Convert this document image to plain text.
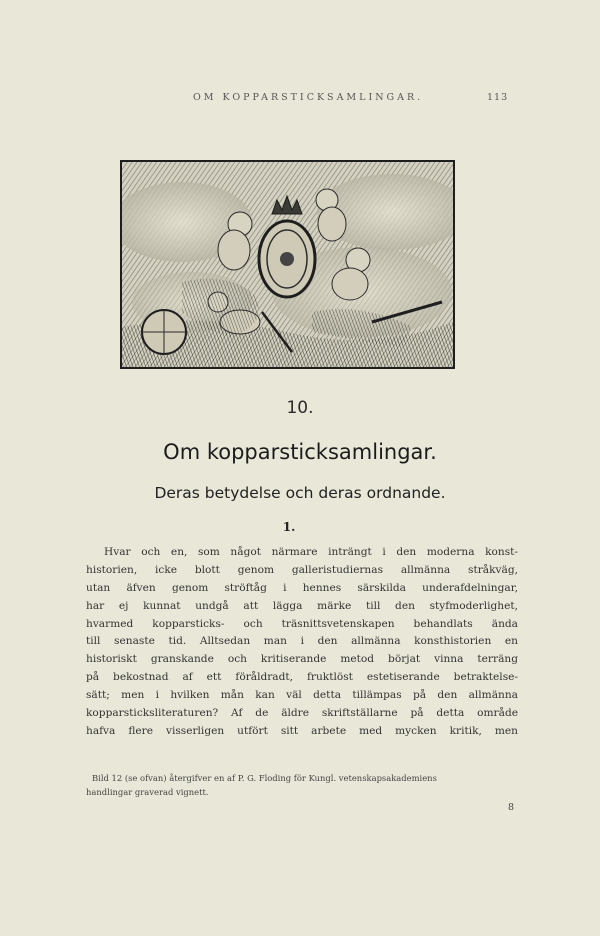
OM KOPPARSTICKSAMLINGAR.	113
10.
Om kopparsticksamlingar.
Deras betydelse och deras ordnande.
1.
Hvar och en, som något närmare inträngt i den moderna konst-
historien, icke blott genom galleristudiernas allmänna stråkväg,
utan äfven genom ströftåg i hennes särskilda underafdelningar,
har ej kunnat undgå att lägga märke till den styfmoderlighet,
hvarmed kopparsticks- och träsnittsvetenskapen behandlats ända
till senaste tid. Alltsedan man i den allmänna konsthistorien en
historiskt granskande och kritiserande metod börjat vinna terräng
på bekostnad af ett föråldradt, fruktlöst estetiserande betraktelse-
sätt; men i hvilken mån kan väl detta tillämpas på den allmänna
kopparsticksliteraturen? Af de äldre skriftställarne på detta område
hafva flere visserligen utfört sitt arbete med mycken kritik, men
Bild 12 (se ofvan) återgifver en af P. G. Floding för Kungl. vetenskapsakademiens
handlingar graverad vignett.
8
